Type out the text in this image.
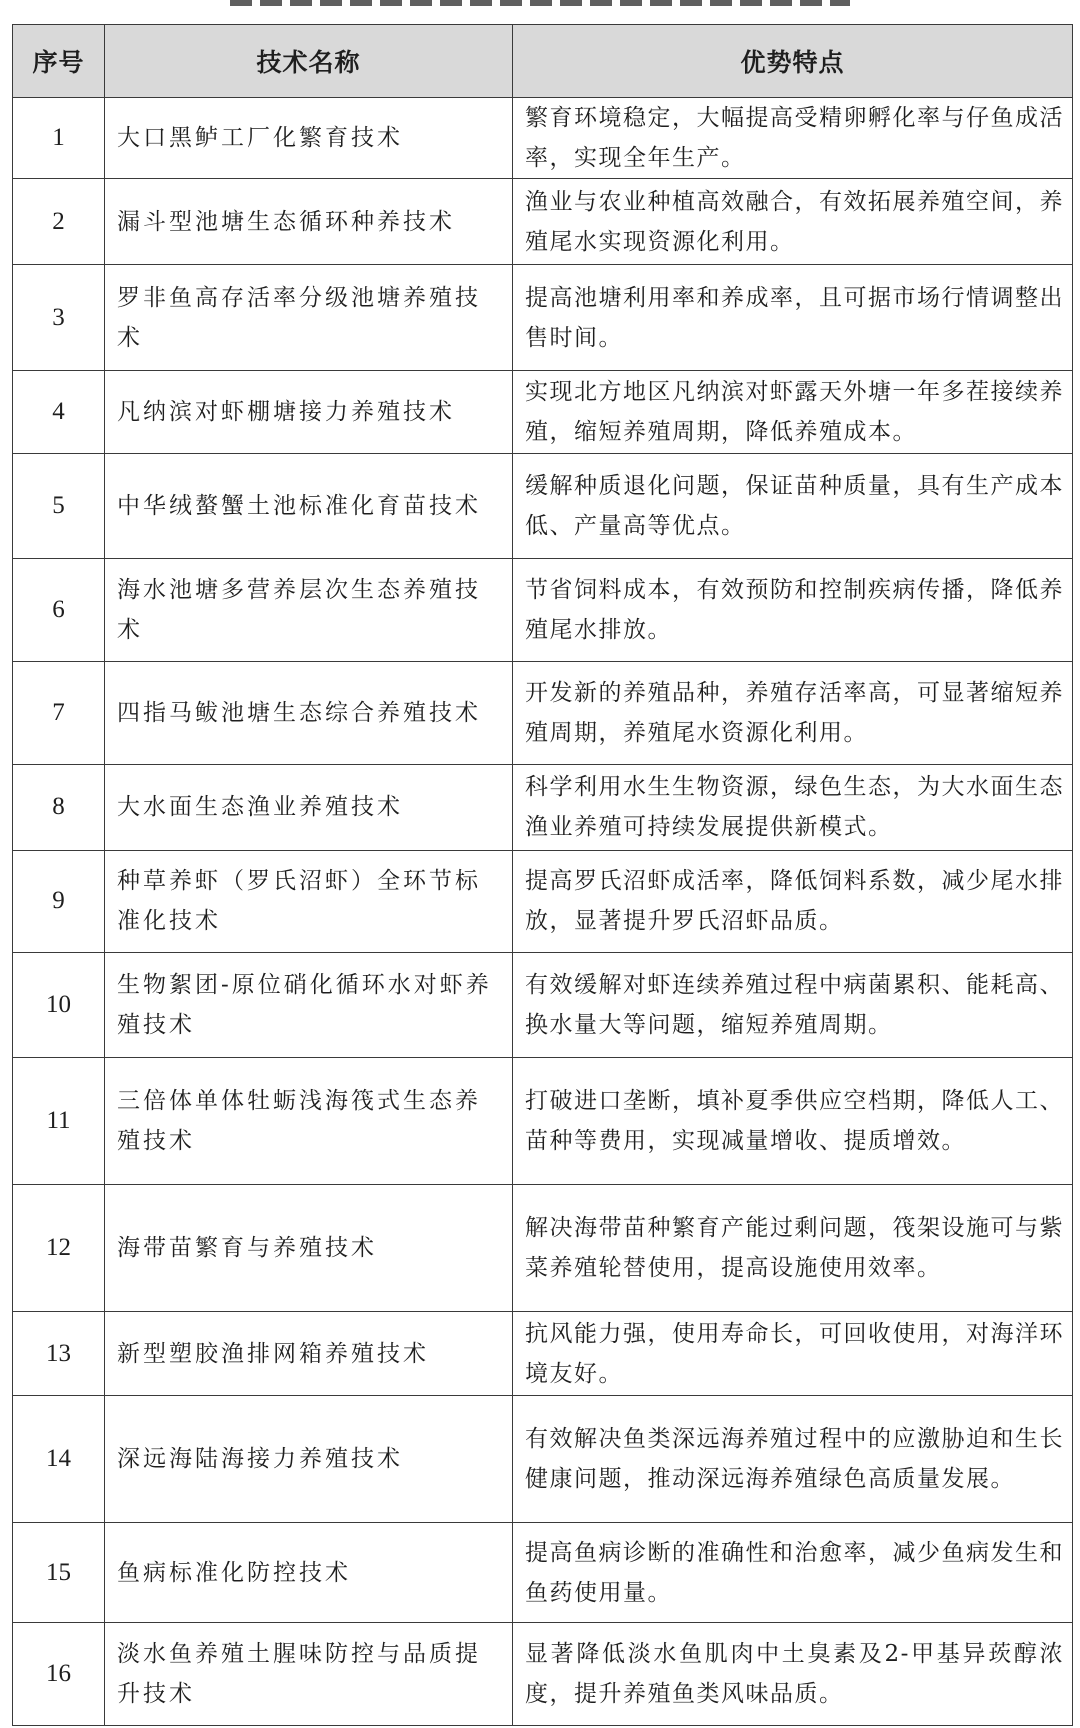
序号	技术名称	优势特点
1	大口黑鲈工厂化繁育技术	繁育环境稳定，大幅提高受精卵孵化率与仔鱼成活率，实现全年生产。
2	漏斗型池塘生态循环种养技术	渔业与农业种植高效融合，有效拓展养殖空间，养殖尾水实现资源化利用。
3	罗非鱼高存活率分级池塘养殖技术	提高池塘利用率和养成率，且可据市场行情调整出售时间。
4	凡纳滨对虾棚塘接力养殖技术	实现北方地区凡纳滨对虾露天外塘一年多茬接续养殖，缩短养殖周期，降低养殖成本。
5	中华绒螯蟹土池标准化育苗技术	缓解种质退化问题，保证苗种质量，具有生产成本低、产量高等优点。
6	海水池塘多营养层次生态养殖技术	节省饲料成本，有效预防和控制疾病传播，降低养殖尾水排放。
7	四指马鲅池塘生态综合养殖技术	开发新的养殖品种，养殖存活率高，可显著缩短养殖周期，养殖尾水资源化利用。
8	大水面生态渔业养殖技术	科学利用水生生物资源，绿色生态，为大水面生态渔业养殖可持续发展提供新模式。
9	种草养虾（罗氏沼虾）全环节标准化技术	提高罗氏沼虾成活率，降低饲料系数，减少尾水排放，显著提升罗氏沼虾品质。
10	生物絮团-原位硝化循环水对虾养殖技术	有效缓解对虾连续养殖过程中病菌累积、能耗高、换水量大等问题，缩短养殖周期。
11	三倍体单体牡蛎浅海筏式生态养殖技术	打破进口垄断，填补夏季供应空档期，降低人工、苗种等费用，实现减量增收、提质增效。
12	海带苗繁育与养殖技术	解决海带苗种繁育产能过剩问题，筏架设施可与紫菜养殖轮替使用，提高设施使用效率。
13	新型塑胶渔排网箱养殖技术	抗风能力强，使用寿命长，可回收使用，对海洋环境友好。
14	深远海陆海接力养殖技术	有效解决鱼类深远海养殖过程中的应激胁迫和生长健康问题，推动深远海养殖绿色高质量发展。
15	鱼病标准化防控技术	提高鱼病诊断的准确性和治愈率，减少鱼病发生和鱼药使用量。
16	淡水鱼养殖土腥味防控与品质提升技术	显著降低淡水鱼肌肉中土臭素及2-甲基异莰醇浓度，提升养殖鱼类风味品质。
